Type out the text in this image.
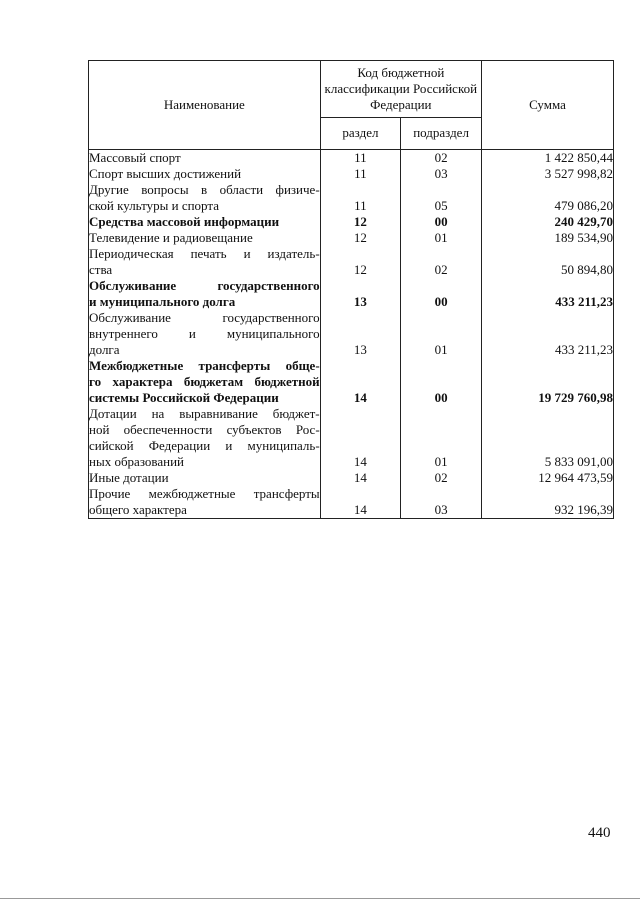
Наименование	Код бюджетной классификации Российской Федерации		Сумма
	раздел	подраздел	

Массовый спорт	11	02	1 422 850,44

Спорт высших достижений	11	03	3 527 998,82

Другие вопросы в области физиче-
ской культуры и спорта	11	05	479 086,20

Средства массовой информации	12	00	240 429,70

Телевидение и радиовещание	12	01	189 534,90

Периодическая печать и издатель-
ства	12	02	50 894,80

Обслуживание государственного
и муниципального долга	13	00	433 211,23

Обслуживание государственного
внутреннего и муниципального
долга	13	01	433 211,23

Межбюджетные трансферты обще-
го характера бюджетам бюджетной
системы Российской Федерации	14	00	19 729 760,98

Дотации на выравнивание бюджет-
ной обеспеченности субъектов Рос-
сийской Федерации и муниципаль-
ных образований	14	01	5 833 091,00

Иные дотации	14	02	12 964 473,59

Прочие межбюджетные трансферты
общего характера	14	03	932 196,39
440
